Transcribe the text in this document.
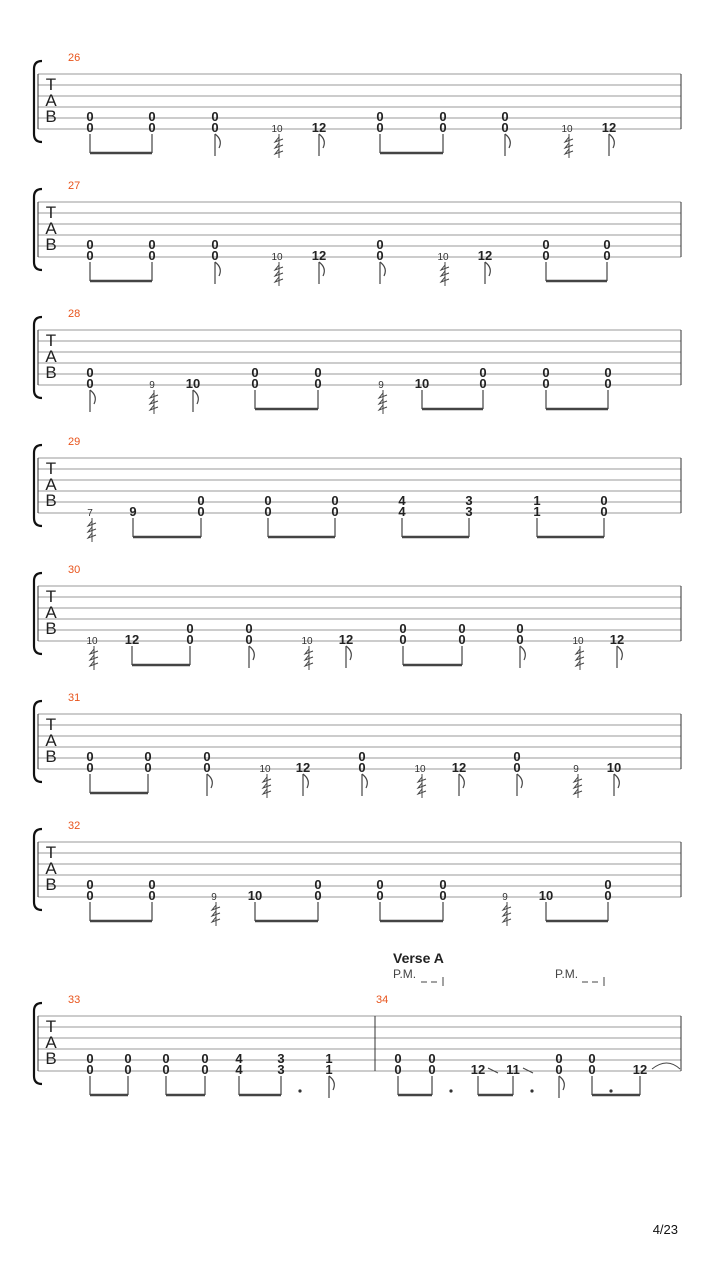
26
T
A
B 0
0
0
0
0
0	10 12
0
0
0
0
0
0	10 12
27
T
A
B 0
0
0
0
0
0	10 12
0
0	10 12
0
0
0
0
28
T
A
B 0
0	9 10
0
0
0
0	9 10
0
0
0
0
0
0
29
T
A
B
7	9
0
0
0
0
0
0
4
4
3
3
1
1
0
0
30
T
A
B
10 12
0
0
0
0	10 12
0
0
0
0
0
0	10 12
31
T
A
B 0
0
0
0
0
0	10 12
0
0	10 12
0
0	9 10
32
T
A
B 0
0
0
0	9 10
0
0
0
0
0
0	9 10
0
0
33	34
T
A
B 0
0
0
0
0
0
0
0
4
4
3
3
1
1
0
0
0
0	12 11
0
0
0
0	12
Verse A
P.M.	P.M.
4/23
